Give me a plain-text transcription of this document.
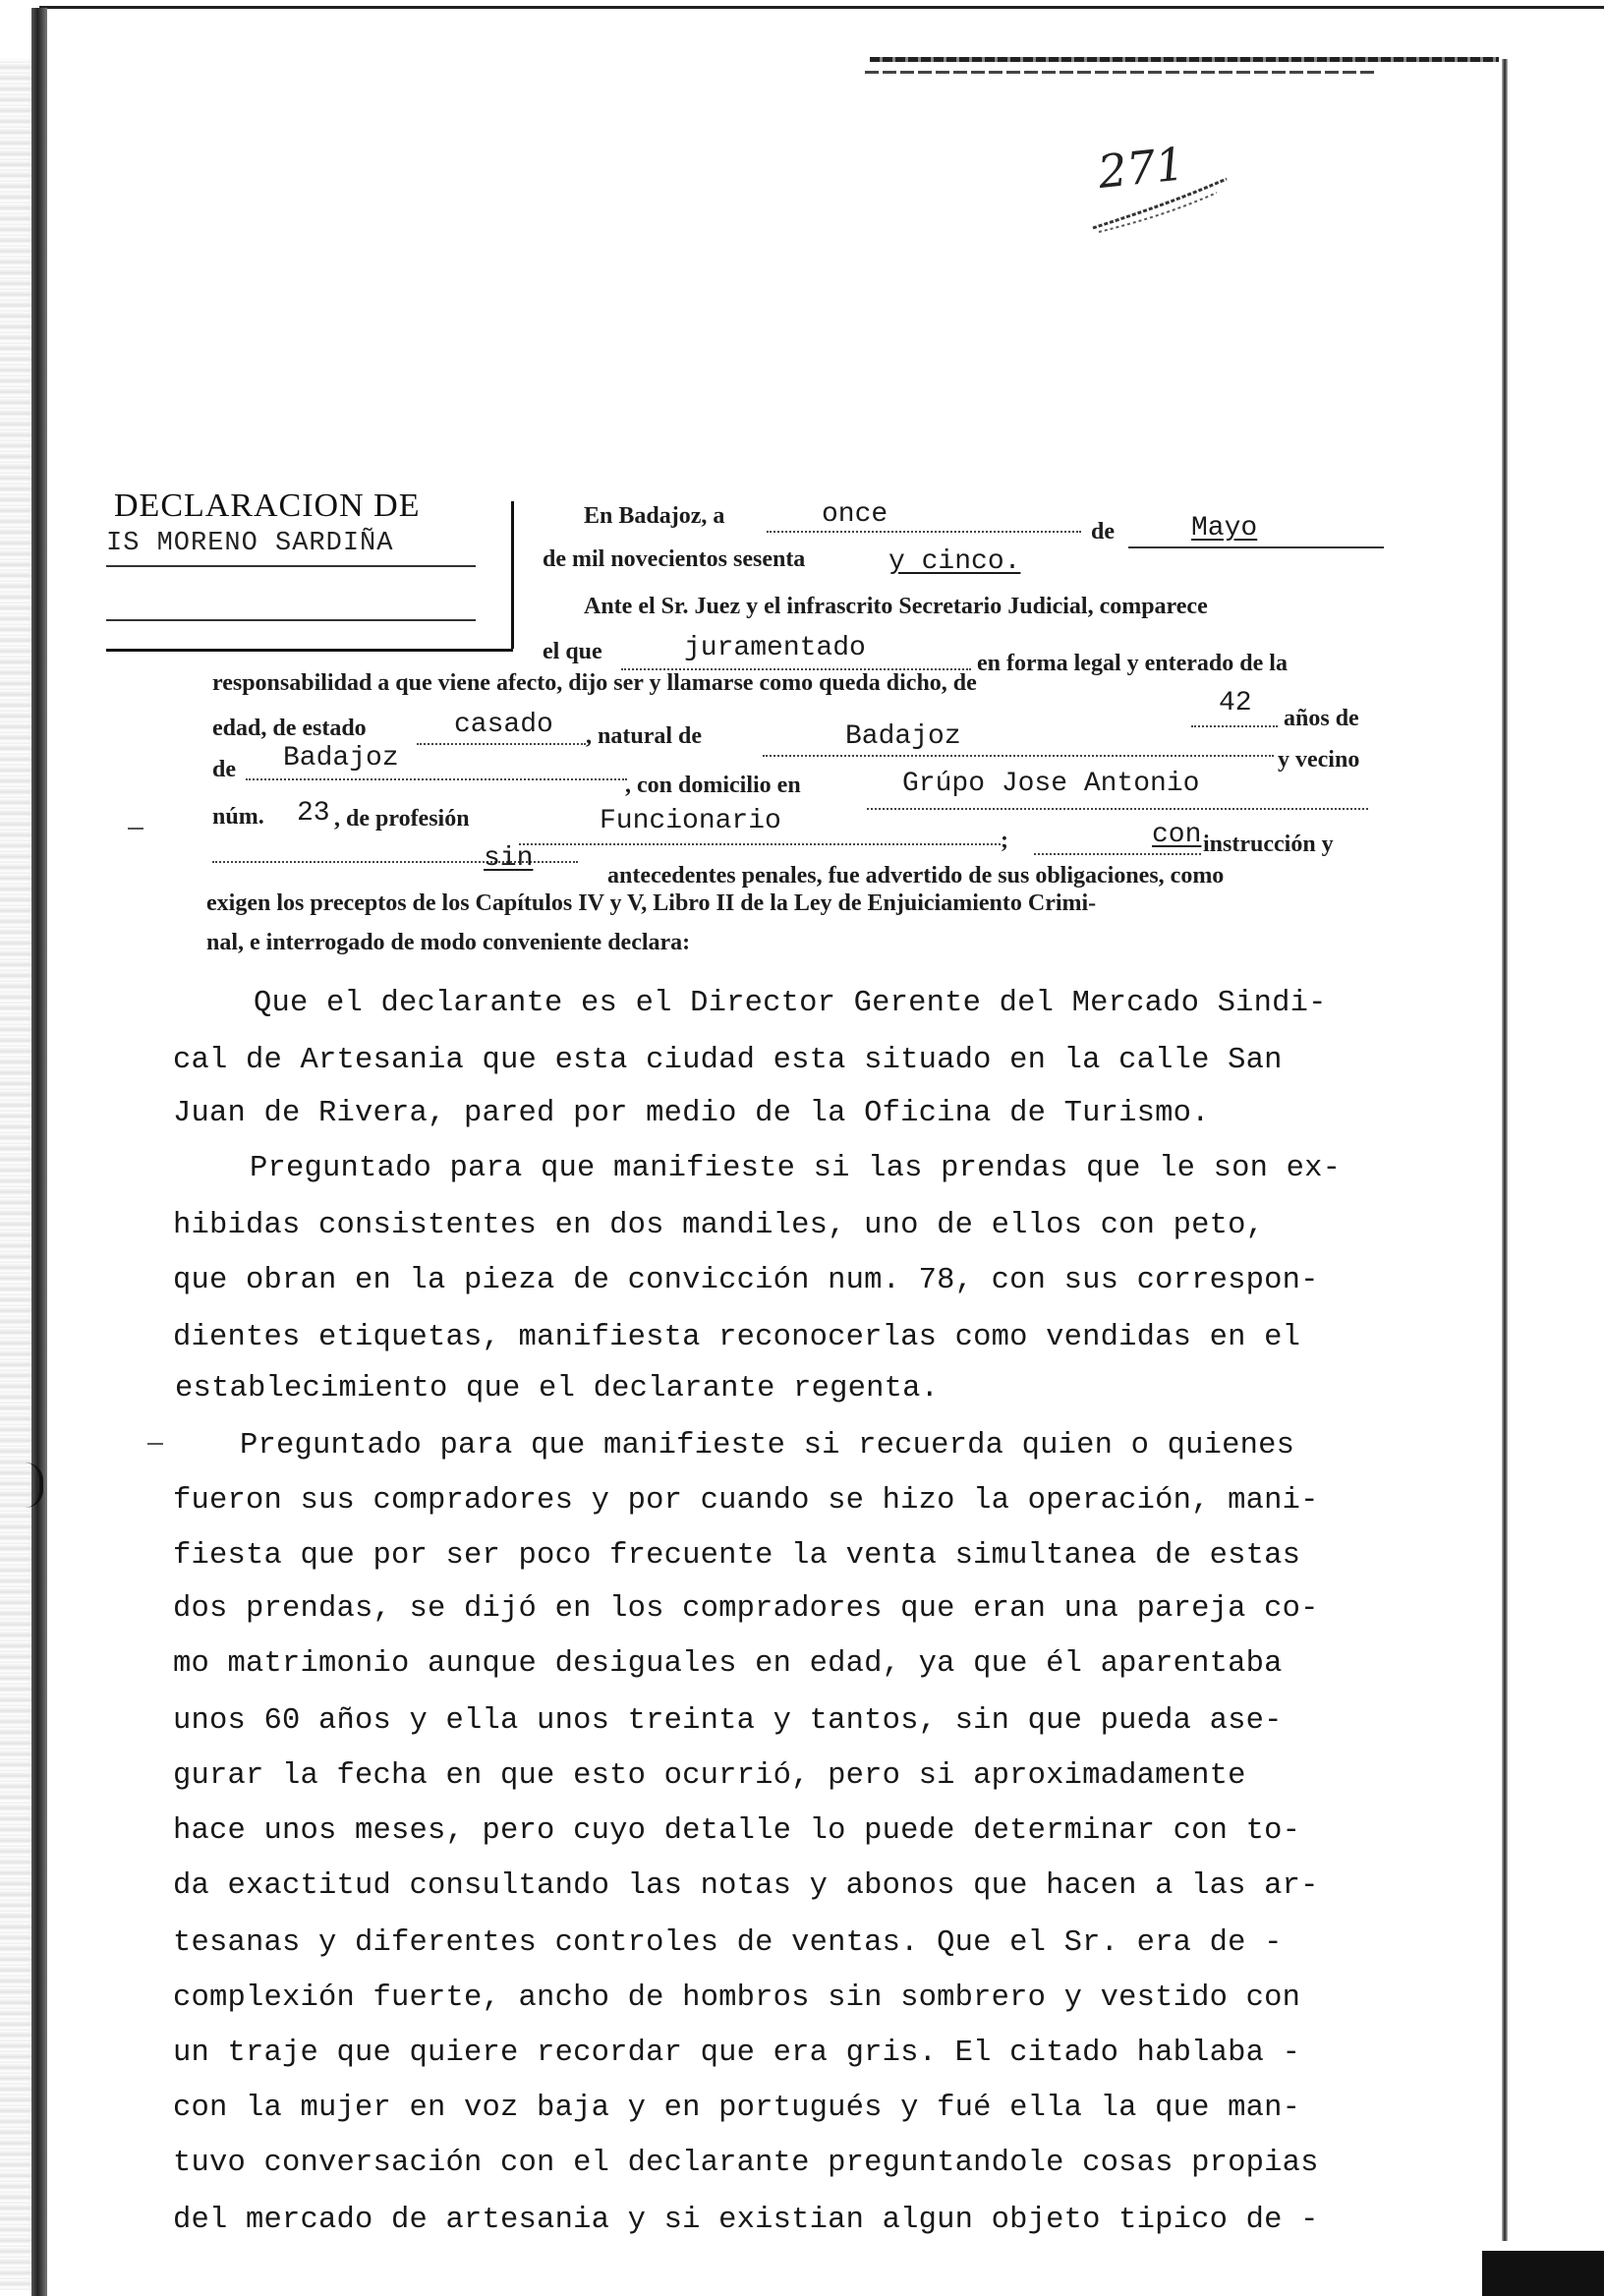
271
DECLARACION DE
IS MORENO SARDIÑA
En Badajoz, a	once
de	Mayo
de mil novecientos sesenta	y cinco.
Ante el Sr. Juez y el infrascrito Secretario Judicial, comparece
el que	juramentado	en forma legal y enterado de la
responsabilidad a que viene afecto, dijo ser y llamarse como queda dicho, de
42 años de
edad, de estado	casado , natural de	Badajoz
de Badajoz	y vecino
, con domicilio en	Grúpo Jose Antonio
núm. 23 , de profesión	Funcionario
;	con instrucción y
sin
antecedentes penales, fue advertido de sus obligaciones, como
exigen los preceptos de los Capítulos IV y V, Libro II de la Ley de Enjuiciamiento Crimi-
nal, e interrogado de modo conveniente declara:
Que el declarante es el Director Gerente del Mercado Sindi-
cal de Artesania que esta ciudad esta situado en la calle San
Juan de Rivera, pared por medio de la Oficina de Turismo.
Preguntado para que manifieste si las prendas que le son ex-
hibidas consistentes en dos mandiles, uno de ellos con peto,
que obran en la pieza de convicción num. 78, con sus correspon-
dientes etiquetas, manifiesta reconocerlas como vendidas en el
establecimiento que el declarante regenta.
Preguntado para que manifieste si recuerda quien o quienes
fueron sus compradores y por cuando se hizo la operación, mani-
fiesta que por ser poco frecuente la venta simultanea de estas
dos prendas, se dijó en los compradores que eran una pareja co-
mo matrimonio aunque desiguales en edad, ya que él aparentaba
unos 60 años y ella unos treinta y tantos, sin que pueda ase-
gurar la fecha en que esto ocurrió, pero si aproximadamente
hace unos meses, pero cuyo detalle lo puede determinar con to-
da exactitud consultando las notas y abonos que hacen a las ar-
tesanas y diferentes controles de ventas. Que el Sr. era de -
complexión fuerte, ancho de hombros sin sombrero y vestido con
un traje que quiere recordar que era gris. El citado hablaba -
con la mujer en voz baja y en portugués y fué ella la que man-
tuvo conversación con el declarante preguntandole cosas propias
del mercado de artesania y si existian algun objeto tipico de -
